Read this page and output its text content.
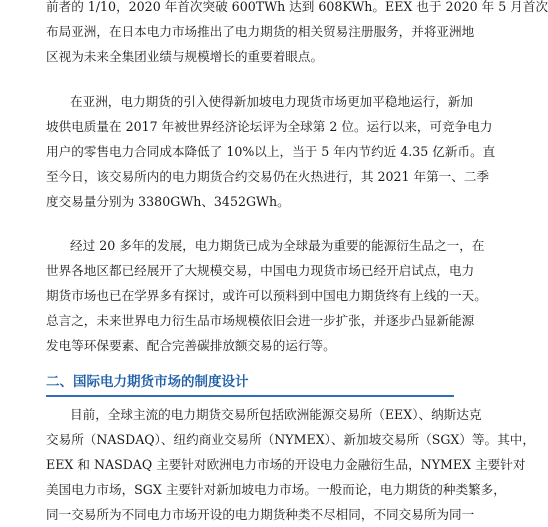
前者的 1/10，2020 年首次突破 600TWh 达到 608KWh。EEX 也于 2020 年 5 月首次
布局亚洲，在日本电力市场推出了电力期货的相关贸易注册服务，并将亚洲地
区视为未来全集团业绩与规模增长的重要着眼点。

在亚洲，电力期货的引入使得新加坡电力现货市场更加平稳地运行，新加
坡供电质量在 2017 年被世界经济论坛评为全球第 2 位。运行以来，可竞争电力
用户的零售电力合同成本降低了 10%以上，当于 5 年内节约近 4.35 亿新币。直
至今日，该交易所内的电力期货合约交易仍在火热进行，其 2021 年第一、二季
度交易量分别为 3380GWh、3452GWh。

经过 20 多年的发展，电力期货已成为全球最为重要的能源衍生品之一，在
世界各地区都已经展开了大规模交易，中国电力现货市场已经开启试点，电力
期货市场也已在学界多有探讨，或许可以预料到中国电力期货终有上线的一天。
总言之，未来世界电力衍生品市场规模依旧会进一步扩张，并逐步凸显新能源
发电等环保要素、配合完善碳排放额交易的运行等。

二、国际电力期货市场的制度设计

目前，全球主流的电力期货交易所包括欧洲能源交易所（EEX）、纳斯达克
交易所（NASDAQ）、纽约商业交易所（NYMEX）、新加坡交易所（SGX）等。其中，
EEX 和 NASDAQ 主要针对欧洲电力市场的开设电力金融衍生品，NYMEX 主要针对
美国电力市场，SGX 主要针对新加坡电力市场。一般而论，电力期货的种类繁多，
同一交易所为不同电力市场开设的电力期货种类不尽相同，不同交易所为同一
